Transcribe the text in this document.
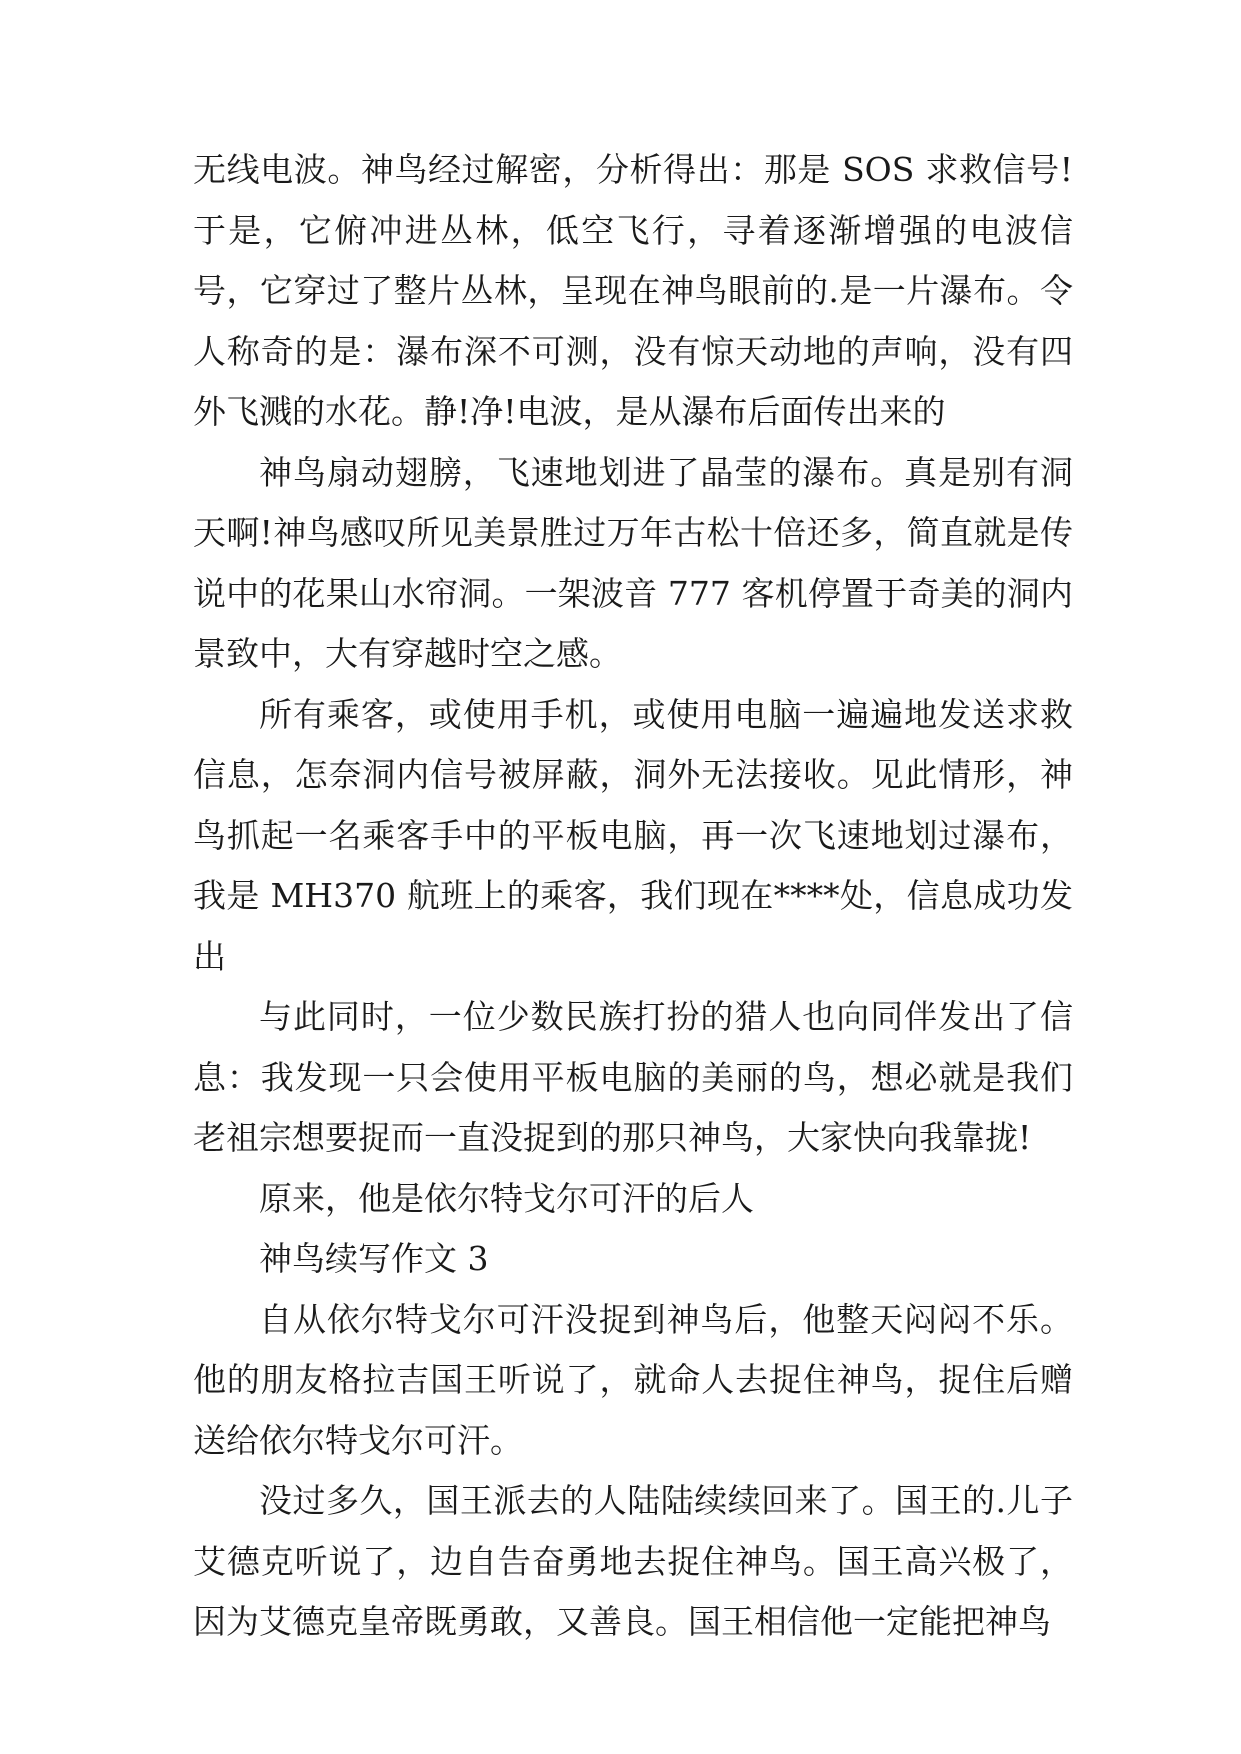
无线电波。神鸟经过解密，分析得出：那是 SOS 求救信号!于是，它俯冲进丛林，低空飞行，寻着逐渐增强的电波信号，它穿过了整片丛林，呈现在神鸟眼前的.是一片瀑布。令人称奇的是：瀑布深不可测，没有惊天动地的声响，没有四外飞溅的水花。静!净!电波，是从瀑布后面传出来的

神鸟扇动翅膀，飞速地划进了晶莹的瀑布。真是别有洞天啊!神鸟感叹所见美景胜过万年古松十倍还多，简直就是传说中的花果山水帘洞。一架波音 777 客机停置于奇美的洞内景致中，大有穿越时空之感。

所有乘客，或使用手机，或使用电脑一遍遍地发送求救信息，怎奈洞内信号被屏蔽，洞外无法接收。见此情形，神鸟抓起一名乘客手中的平板电脑，再一次飞速地划过瀑布，我是 MH370 航班上的乘客，我们现在****处，信息成功发出

与此同时，一位少数民族打扮的猎人也向同伴发出了信息：我发现一只会使用平板电脑的美丽的鸟，想必就是我们老祖宗想要捉而一直没捉到的那只神鸟，大家快向我靠拢!

原来，他是依尔特戈尔可汗的后人

神鸟续写作文 3

自从依尔特戈尔可汗没捉到神鸟后，他整天闷闷不乐。他的朋友格拉吉国王听说了，就命人去捉住神鸟，捉住后赠送给依尔特戈尔可汗。

没过多久，国王派去的人陆陆续续回来了。国王的.儿子艾德克听说了，边自告奋勇地去捉住神鸟。国王高兴极了，因为艾德克皇帝既勇敢，又善良。国王相信他一定能把神鸟
